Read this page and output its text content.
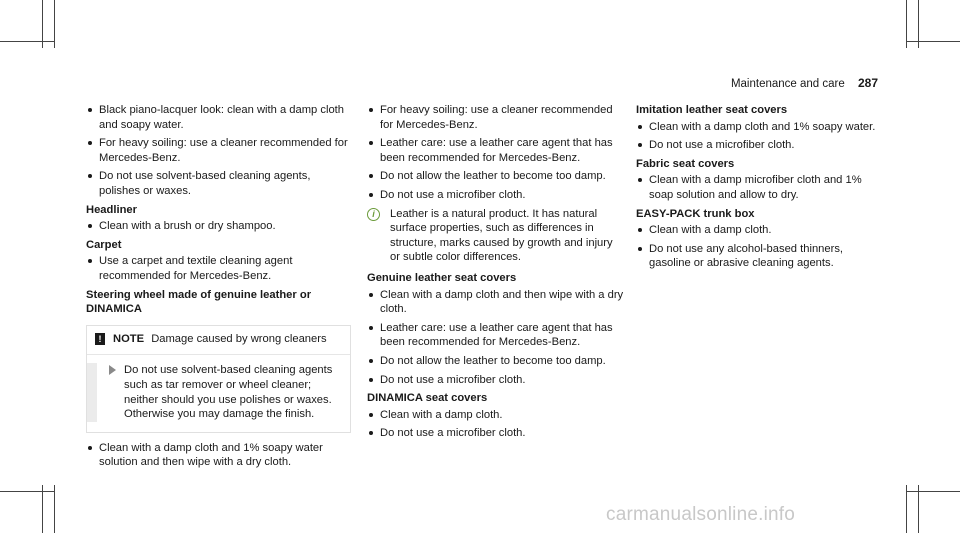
Maintenance and care 287
Black piano-lacquer look: clean with a damp cloth and soapy water.
For heavy soiling: use a cleaner recommended for Mercedes-Benz.
Do not use solvent-based cleaning agents, polishes or waxes.
Headliner
Clean with a brush or dry shampoo.
Carpet
Use a carpet and textile cleaning agent recommended for Mercedes-Benz.
Steering wheel made of genuine leather or DINAMICA
!	NOTE Damage caused by wrong cleaners
Do not use solvent-based cleaning agents such as tar remover or wheel cleaner; neither should you use polishes or waxes. Otherwise you may damage the finish.
Clean with a damp cloth and 1% soapy water solution and then wipe with a dry cloth.
For heavy soiling: use a cleaner recommended for Mercedes-Benz.
Leather care: use a leather care agent that has been recommended for Mercedes-Benz.
Do not allow the leather to become too damp.
Do not use a microfiber cloth.
i	Leather is a natural product. It has natural surface properties, such as differences in structure, marks caused by growth and injury or subtle color differences.
Genuine leather seat covers
Clean with a damp cloth and then wipe with a dry cloth.
Leather care: use a leather care agent that has been recommended for Mercedes-Benz.
Do not allow the leather to become too damp.
Do not use a microfiber cloth.
DINAMICA seat covers
Clean with a damp cloth.
Do not use a microfiber cloth.
Imitation leather seat covers
Clean with a damp cloth and 1% soapy water.
Do not use a microfiber cloth.
Fabric seat covers
Clean with a damp microfiber cloth and 1% soap solution and allow to dry.
EASY-PACK trunk box
Clean with a damp cloth.
Do not use any alcohol-based thinners, gasoline or abrasive cleaning agents.
carmanualsonline.info
